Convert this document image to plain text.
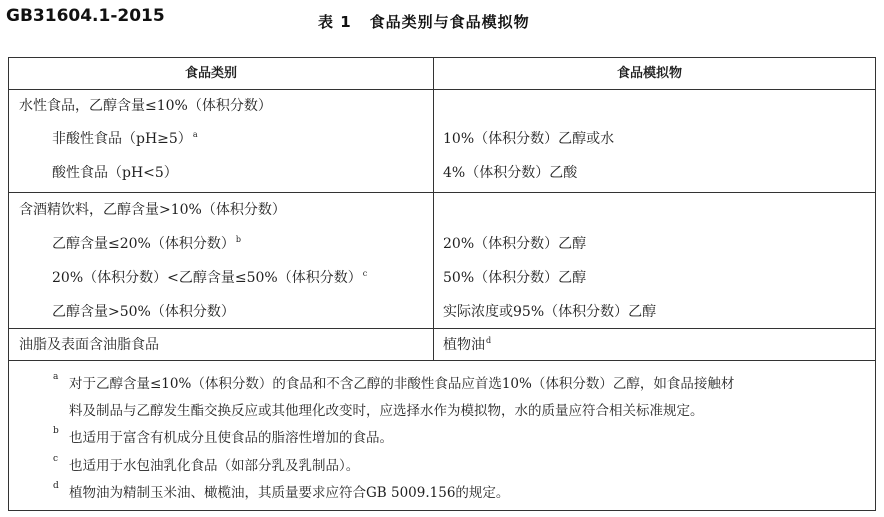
GB31604.1-2015	表 1 食品类别与食品模拟物
食品类别	食品模拟物
水性食品，乙醇含量≤10%（体积分数）
非酸性食品（pH≥5）$^a$	10%（体积分数）乙醇或水
酸性食品（pH<5）	4%（体积分数）乙酸
含酒精饮料，乙醇含量>10%（体积分数）
乙醇含量≤20%（体积分数）$^b$	20%（体积分数）乙醇
20%（体积分数）<乙醇含量≤50%（体积分数）$^c$	50%（体积分数）乙醇
乙醇含量>50%（体积分数）	实际浓度或95%（体积分数）乙醇
油脂及表面含油脂食品	植物油$^d$
a 对于乙醇含量≤10%（体积分数）的食品和不含乙醇的非酸性食品应首选10%（体积分数）乙醇，如食品接触材
料及制品与乙醇发生酯交换反应或其他理化改变时，应选择水作为模拟物，水的质量应符合相关标准规定。
b 也适用于富含有机成分且使食品的脂溶性增加的食品。
c 也适用于水包油乳化食品（如部分乳及乳制品）。
d 植物油为精制玉米油、橄榄油，其质量要求应符合GB 5009.156的规定。
